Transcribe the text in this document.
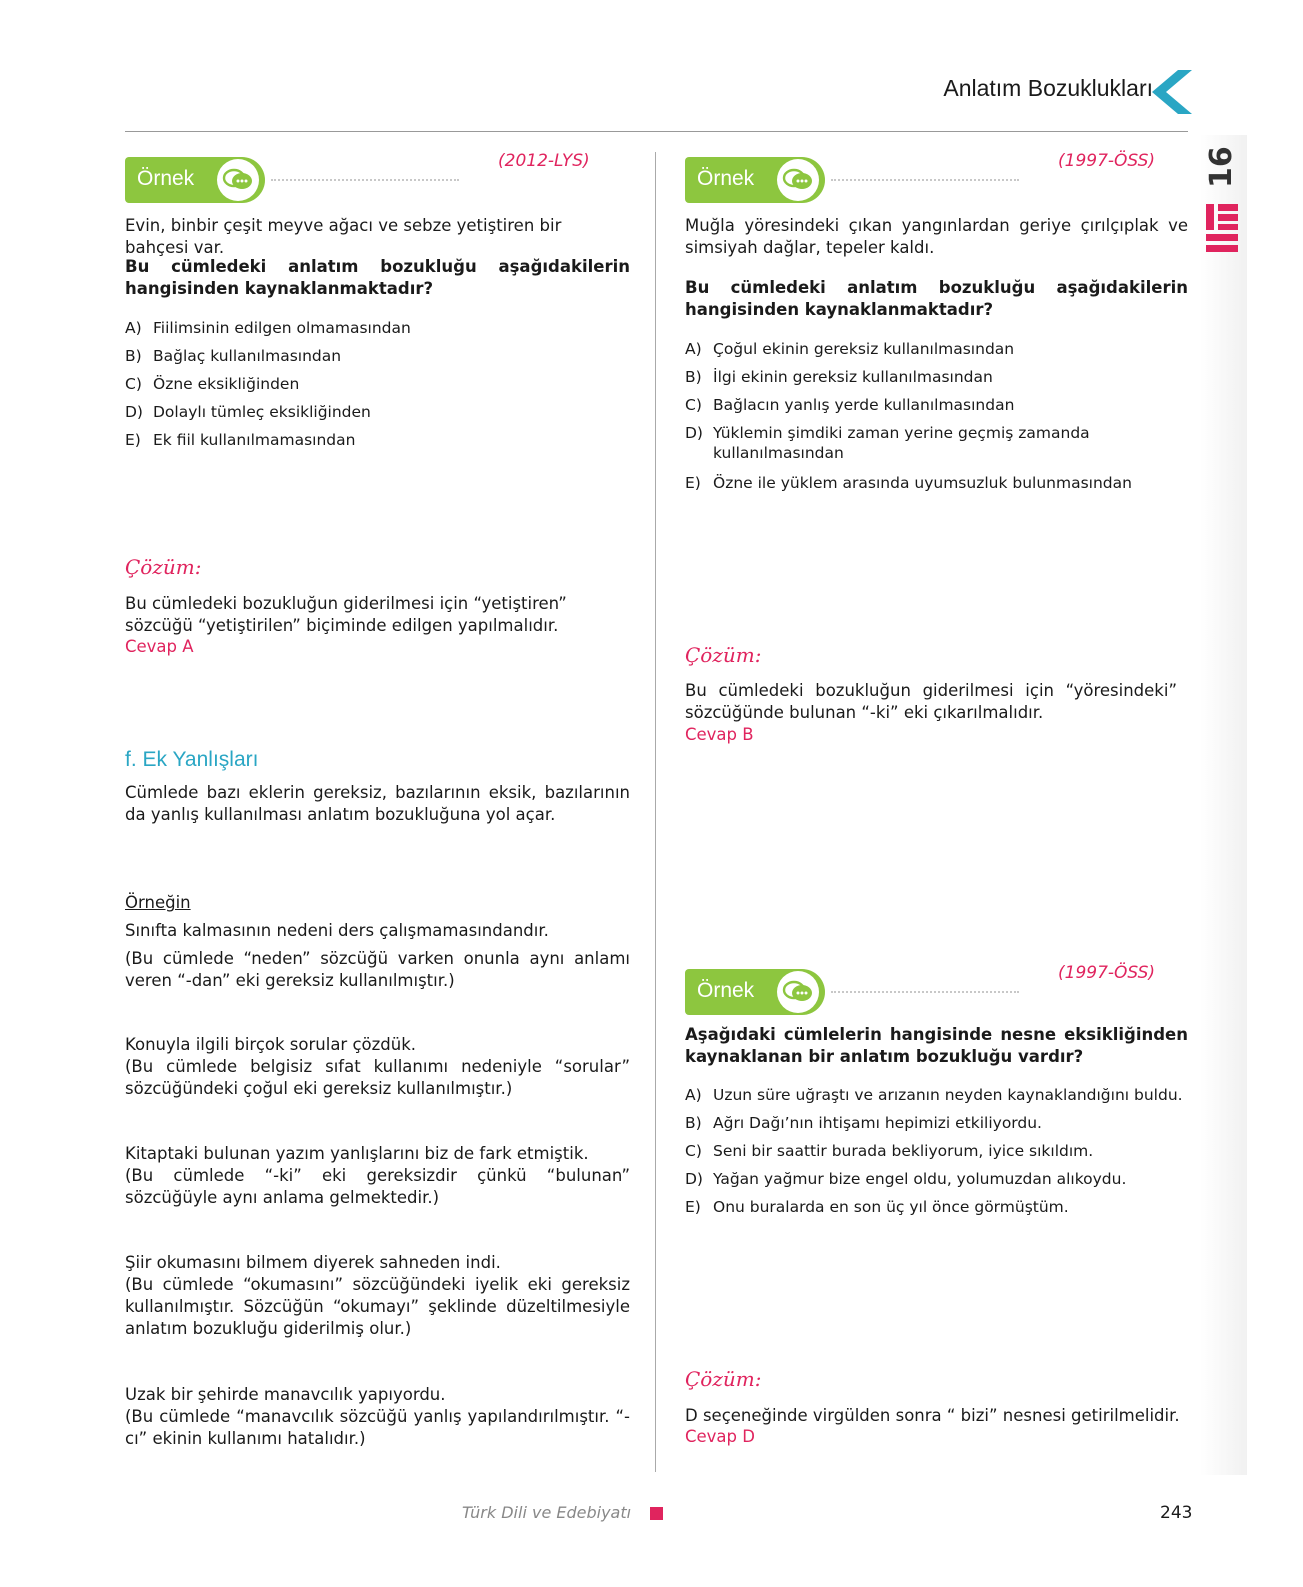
Anlatım Bozuklukları
16
Örnek
(2012-LYS)
Evin, binbir çeşit meyve ağacı ve sebze yetiştiren bir bahçesi var.
Bu cümledeki anlatım bozukluğu aşağıdakilerin hangisinden kaynaklanmaktadır?
A) Fiilimsinin edilgen olmamasından
B) Bağlaç kullanılmasından
C) Özne eksikliğinden
D) Dolaylı tümleç eksikliğinden
E) Ek fiil kullanılmamasından
Çözüm:
Bu cümledeki bozukluğun giderilmesi için “yetiştiren” sözcüğü “yetiştirilen” biçiminde edilgen yapılmalıdır.
Cevap A
f. Ek Yanlışları
Cümlede bazı eklerin gereksiz, bazılarının eksik, bazılarının da yanlış kullanılması anlatım bozukluğuna yol açar.
Örneğin
Sınıfta kalmasının nedeni ders çalışmamasındandır.
(Bu cümlede “neden” sözcüğü varken onunla aynı anlamı veren “-dan” eki gereksiz kullanılmıştır.)
Konuyla ilgili birçok sorular çözdük.
(Bu cümlede belgisiz sıfat kullanımı nedeniyle “sorular” sözcüğündeki çoğul eki gereksiz kullanılmıştır.)
Kitaptaki bulunan yazım yanlışlarını biz de fark etmiştik.
(Bu cümlede “-ki” eki gereksizdir çünkü “bulunan” sözcüğüyle aynı anlama gelmektedir.)
Şiir okumasını bilmem diyerek sahneden indi.
(Bu cümlede “okumasını” sözcüğündeki iyelik eki gereksiz kullanılmıştır. Sözcüğün “okumayı” şeklinde düzeltilmesiyle anlatım bozukluğu giderilmiş olur.)
Uzak bir şehirde manavcılık yapıyordu.
(Bu cümlede “manavcılık sözcüğü yanlış yapılandırılmıştır. “-cı” ekinin kullanımı hatalıdır.)
Örnek
(1997-ÖSS)
Muğla yöresindeki çıkan yangınlardan geriye çırılçıplak ve simsiyah dağlar, tepeler kaldı.
Bu cümledeki anlatım bozukluğu aşağıdakilerin hangisinden kaynaklanmaktadır?
A) Çoğul ekinin gereksiz kullanılmasından
B) İlgi ekinin gereksiz kullanılmasından
C) Bağlacın yanlış yerde kullanılmasından
D) Yüklemin şimdiki zaman yerine geçmiş zamanda kullanılmasından
E) Özne ile yüklem arasında uyumsuzluk bulunmasından
Çözüm:
Bu cümledeki bozukluğun giderilmesi için “yöresindeki” sözcüğünde bulunan “-ki” eki çıkarılmalıdır.
Cevap B
Örnek
(1997-ÖSS)
Aşağıdaki cümlelerin hangisinde nesne eksikliğinden kaynaklanan bir anlatım bozukluğu vardır?
A) Uzun süre uğraştı ve arızanın neyden kaynaklandığını buldu.
B) Ağrı Dağı’nın ihtişamı hepimizi etkiliyordu.
C) Seni bir saattir burada bekliyorum, iyice sıkıldım.
D) Yağan yağmur bize engel oldu, yolumuzdan alıkoydu.
E) Onu buralarda en son üç yıl önce görmüştüm.
Çözüm:
D seçeneğinde virgülden sonra “ bizi” nesnesi getirilmelidir.
Cevap D
Türk Dili ve Edebiyatı	243
